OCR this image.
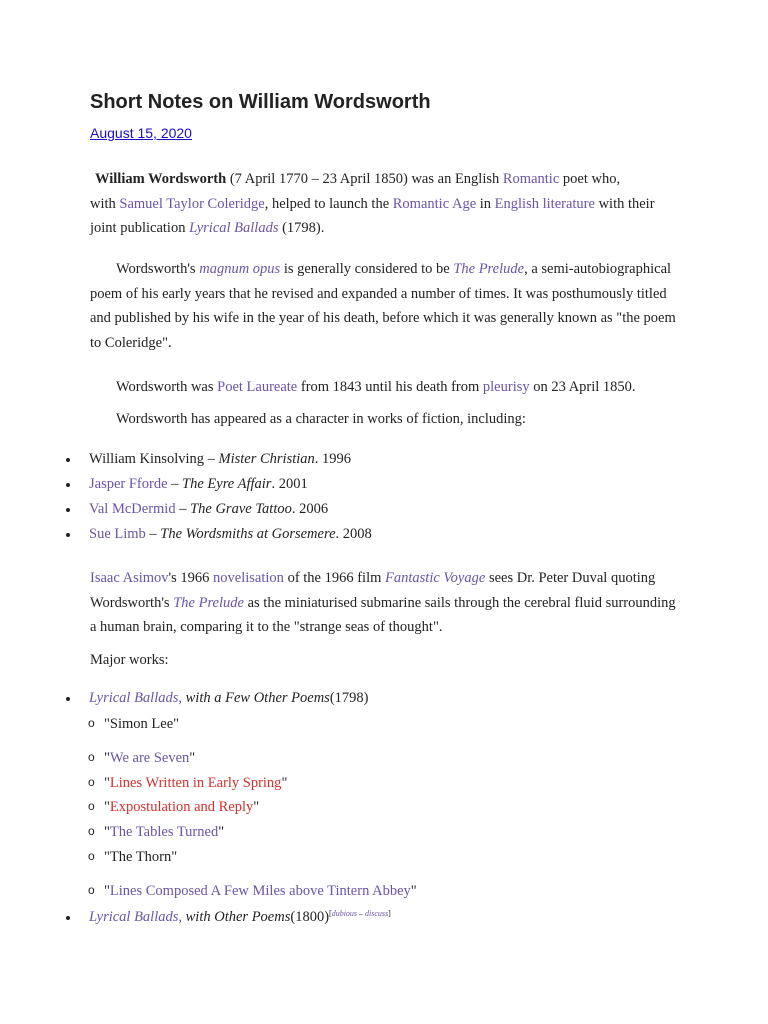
Short Notes on William Wordsworth
August 15, 2020

William Wordsworth (7 April 1770 – 23 April 1850) was an English Romantic poet who,
with Samuel Taylor Coleridge, helped to launch the Romantic Age in English literature with their
joint publication Lyrical Ballads (1798).

Wordsworth's magnum opus is generally considered to be The Prelude, a semi-autobiographical
poem of his early years that he revised and expanded a number of times. It was posthumously titled
and published by his wife in the year of his death, before which it was generally known as "the poem
to Coleridge".

Wordsworth was Poet Laureate from 1843 until his death from pleurisy on 23 April 1850.

Wordsworth has appeared as a character in works of fiction, including:

William Kinsolving – Mister Christian. 1996
Jasper Fforde – The Eyre Affair. 2001
Val McDermid – The Grave Tattoo. 2006
Sue Limb – The Wordsmiths at Gorsemere. 2008

Isaac Asimov's 1966 novelisation of the 1966 film Fantastic Voyage sees Dr. Peter Duval quoting
Wordsworth's The Prelude as the miniaturised submarine sails through the cerebral fluid surrounding
a human brain, comparing it to the "strange seas of thought".

Major works:

Lyrical Ballads, with a Few Other Poems(1798)
o "Simon Lee"
o "We are Seven"
o "Lines Written in Early Spring"
o "Expostulation and Reply"
o "The Tables Turned"
o "The Thorn"
o "Lines Composed A Few Miles above Tintern Abbey"
Lyrical Ballads, with Other Poems(1800)[dubious – discuss]
